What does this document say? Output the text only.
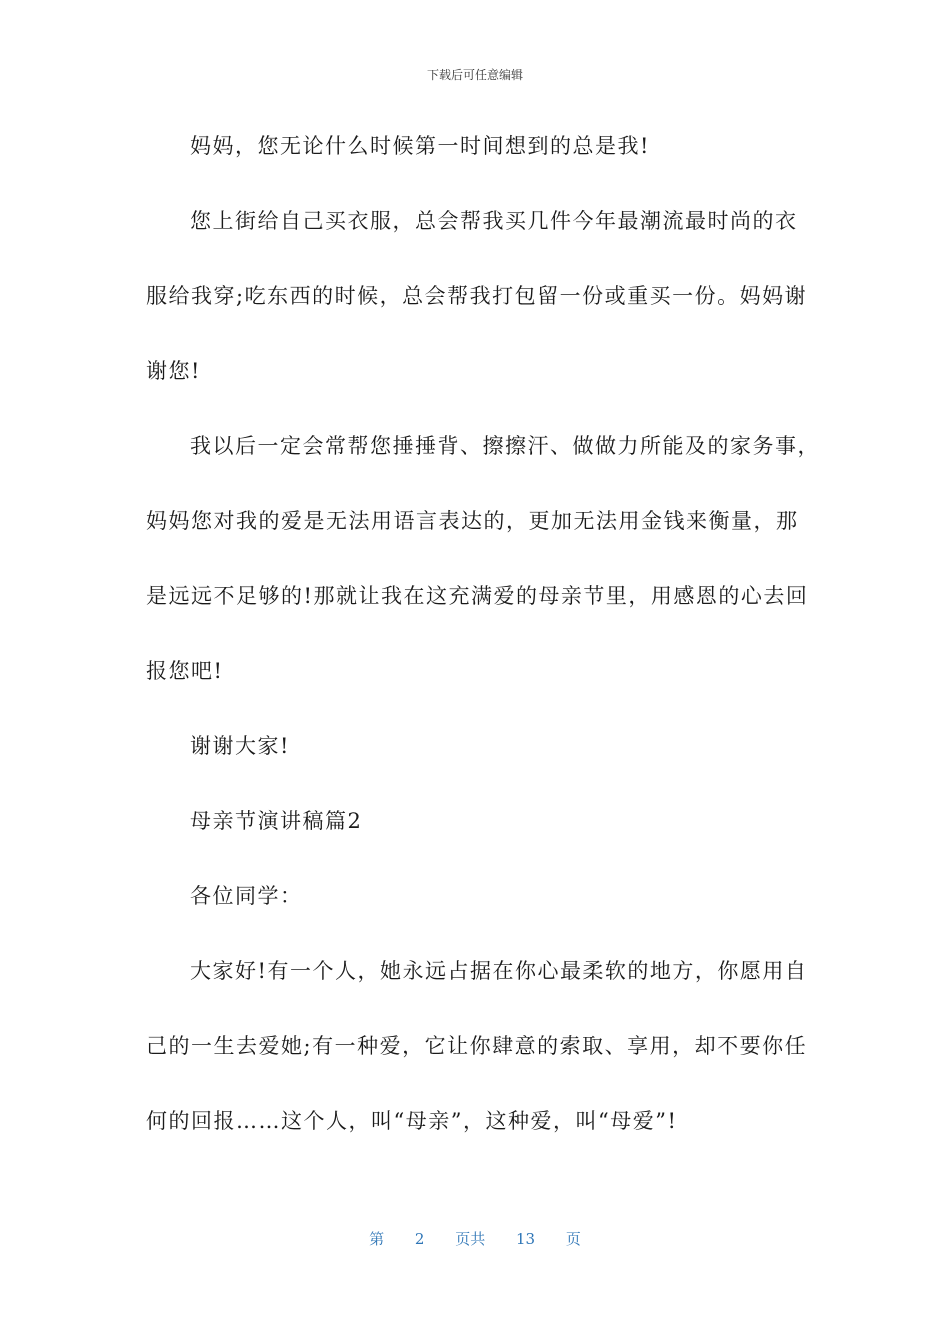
下载后可任意编辑
妈妈，您无论什么时候第一时间想到的总是我!
您上街给自己买衣服，总会帮我买几件今年最潮流最时尚的衣
服给我穿;吃东西的时候，总会帮我打包留一份或重买一份。妈妈谢
谢您!
我以后一定会常帮您捶捶背、擦擦汗、做做力所能及的家务事，
妈妈您对我的爱是无法用语言表达的，更加无法用金钱来衡量，那
是远远不足够的!那就让我在这充满爱的母亲节里，用感恩的心去回
报您吧!
谢谢大家!
母亲节演讲稿篇2
各位同学：
大家好!有一个人，她永远占据在你心最柔软的地方，你愿用自
己的一生去爱她;有一种爱，它让你肆意的索取、享用，却不要你任
何的回报……这个人，叫“母亲”，这种爱，叫“母爱”!
第 2 页共 13 页
